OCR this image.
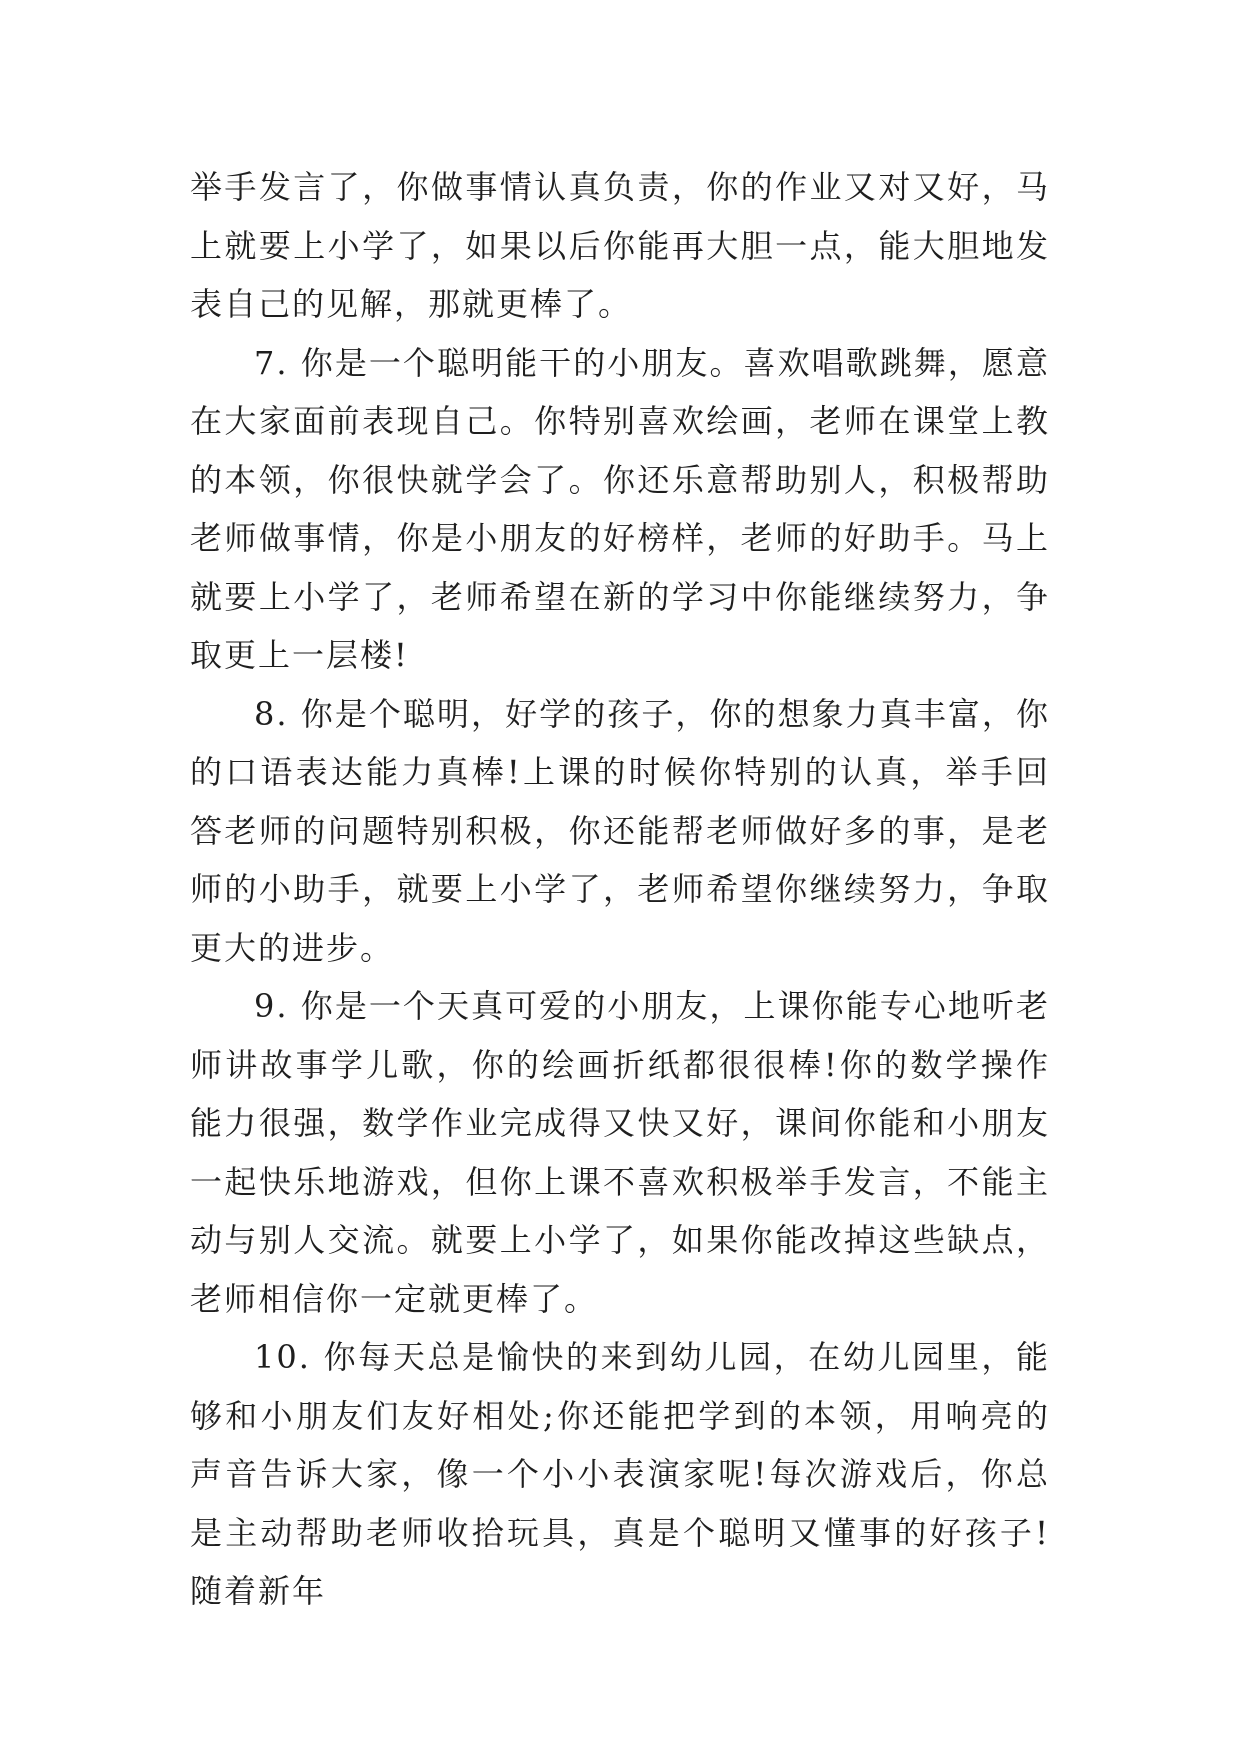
举手发言了，你做事情认真负责，你的作业又对又好，马上就要上小学了，如果以后你能再大胆一点，能大胆地发表自己的见解，那就更棒了。

7. 你是一个聪明能干的小朋友。喜欢唱歌跳舞，愿意在大家面前表现自己。你特别喜欢绘画，老师在课堂上教的本领，你很快就学会了。你还乐意帮助别人，积极帮助老师做事情，你是小朋友的好榜样，老师的好助手。马上就要上小学了，老师希望在新的学习中你能继续努力，争取更上一层楼!

8. 你是个聪明，好学的孩子，你的想象力真丰富，你的口语表达能力真棒!上课的时候你特别的认真，举手回答老师的问题特别积极，你还能帮老师做好多的事，是老师的小助手，就要上小学了，老师希望你继续努力，争取更大的进步。

9. 你是一个天真可爱的小朋友，上课你能专心地听老师讲故事学儿歌，你的绘画折纸都很很棒!你的数学操作能力很强，数学作业完成得又快又好，课间你能和小朋友一起快乐地游戏，但你上课不喜欢积极举手发言，不能主动与别人交流。就要上小学了，如果你能改掉这些缺点，老师相信你一定就更棒了。

10. 你每天总是愉快的来到幼儿园，在幼儿园里，能够和小朋友们友好相处;你还能把学到的本领，用响亮的声音告诉大家，像一个小小表演家呢!每次游戏后，你总是主动帮助老师收拾玩具，真是个聪明又懂事的好孩子!随着新年
